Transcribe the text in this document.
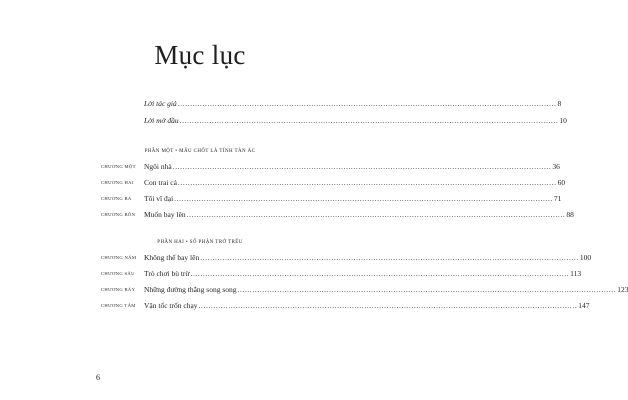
Mục lục
Lời tác giả ......................................................................................................................................................... 8
Lời mở đầu ......................................................................................................................................................... 10
PHẦN MỘT • MẤU CHỐT LÀ TÍNH TÀN ÁC
CHƯƠNG MỘT Ngôi nhà ......................................................................................................................................................... 36
CHƯƠNG HAI Con trai cả ......................................................................................................................................................... 60
CHƯƠNG BA Tôi vĩ đại ......................................................................................................................................................... 71
CHƯƠNG BỐN Muốn bay lên ......................................................................................................................................................... 88
PHẦN HAI • SỐ PHẬN TRỚ TRÊU
CHƯƠNG NĂM Không thể bay lên ......................................................................................................................................................... 100
CHƯƠNG SÁU Trò chơi bù trừ ......................................................................................................................................................... 113
CHƯƠNG BẢY Những đường thẳng song song ......................................................................................................................................................... 123
CHƯƠNG TÁM Vận tốc trốn chạy ......................................................................................................................................................... 147
6
